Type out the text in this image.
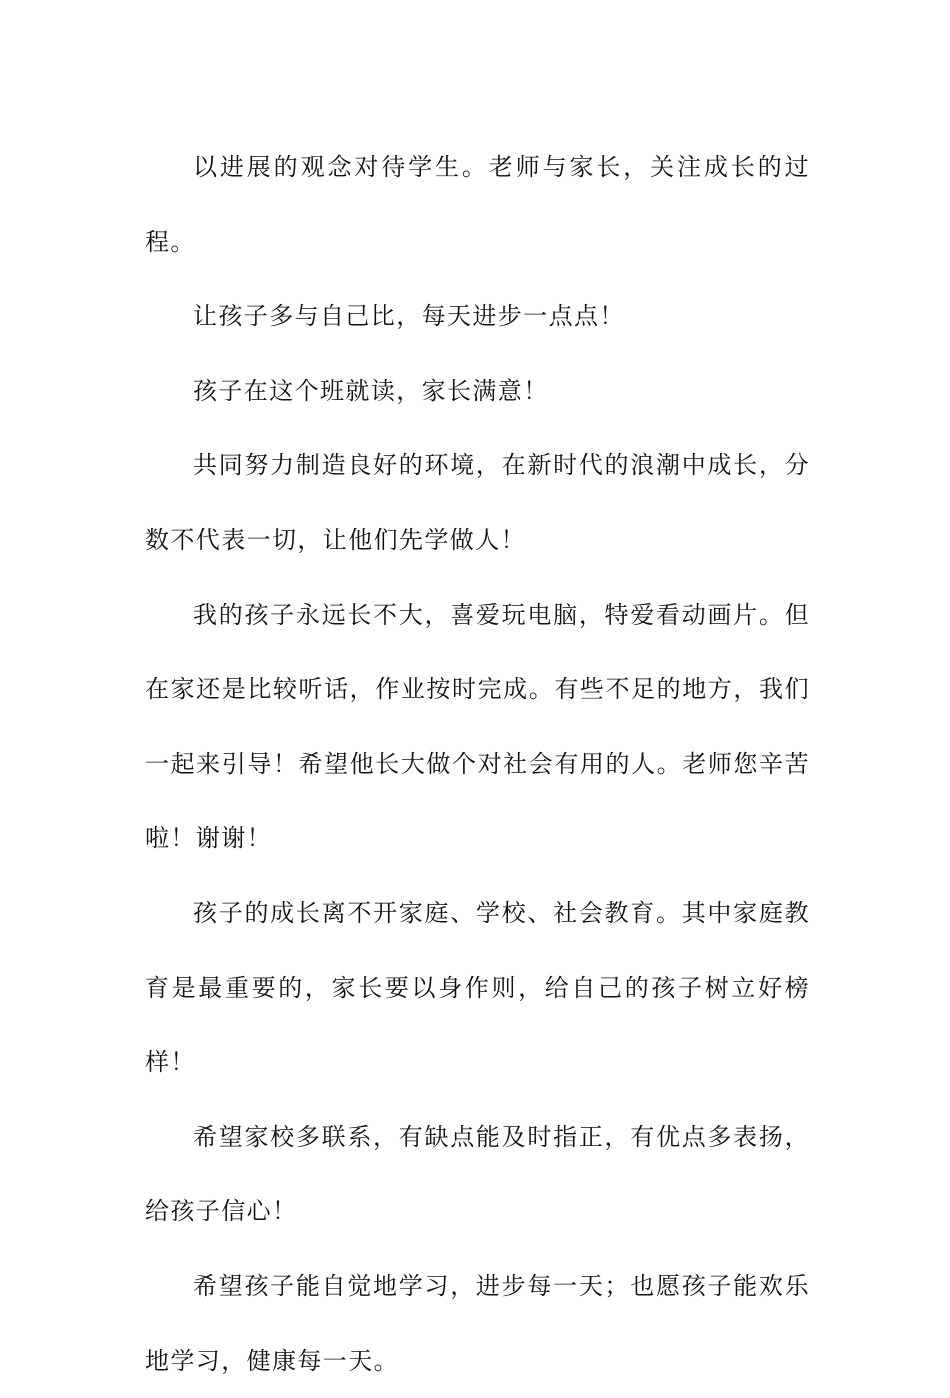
以进展的观念对待学生。老师与家长，关注成长的过程。

让孩子多与自己比，每天进步一点点！

孩子在这个班就读，家长满意！

共同努力制造良好的环境，在新时代的浪潮中成长，分数不代表一切，让他们先学做人！

我的孩子永远长不大，喜爱玩电脑，特爱看动画片。但在家还是比较听话，作业按时完成。有些不足的地方，我们一起来引导！希望他长大做个对社会有用的人。老师您辛苦啦！谢谢！

孩子的成长离不开家庭、学校、社会教育。其中家庭教育是最重要的，家长要以身作则，给自己的孩子树立好榜样！

希望家校多联系，有缺点能及时指正，有优点多表扬，给孩子信心！

希望孩子能自觉地学习，进步每一天；也愿孩子能欢乐地学习，健康每一天。
